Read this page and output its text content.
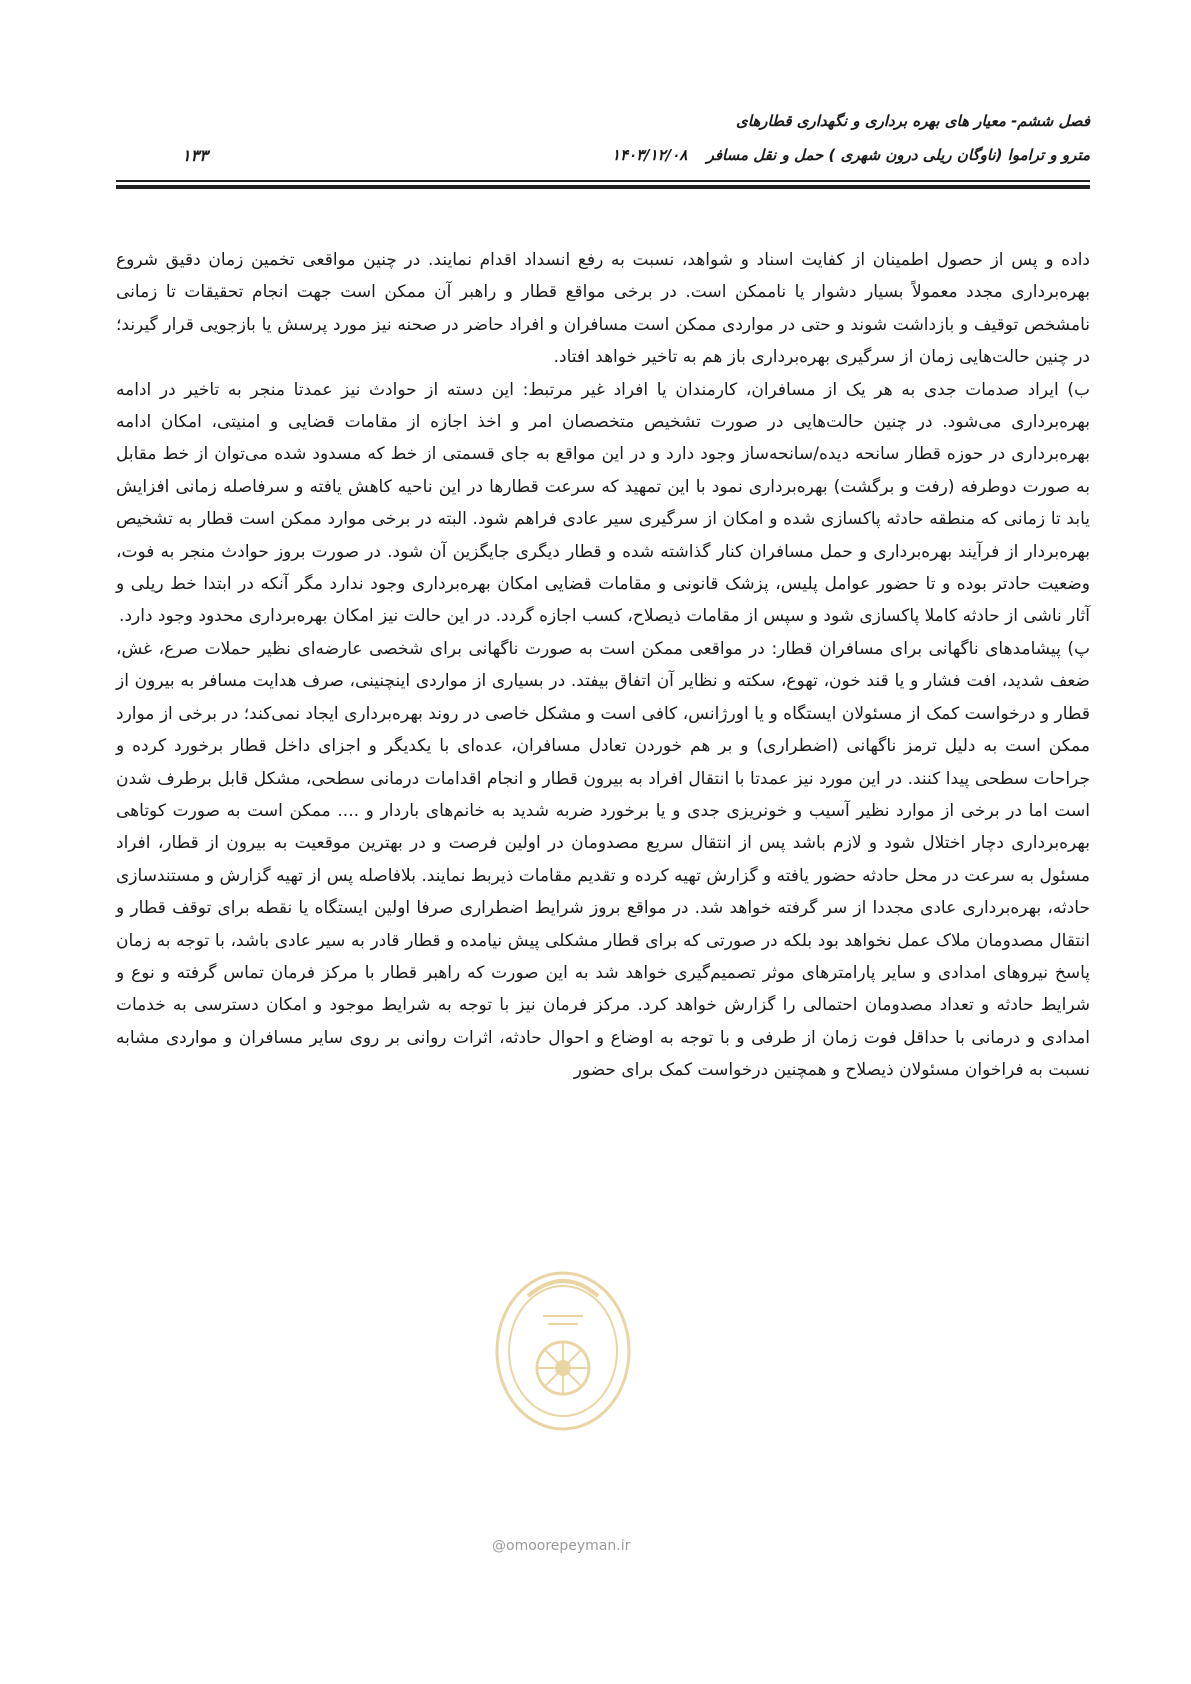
فصل ششم- معیار های بهره برداری و نگهداری قطارهای
مترو و تراموا (ناوگان ریلی درون شهری ) حمل و نقل مسافر ۱۴۰۳/۱۲/۰۸
۱۳۳

داده و پس از حصول اطمینان از کفایت اسناد و شواهد، نسبت به رفع انسداد اقدام نمایند. در چنین مواقعی تخمین زمان دقیق شروع بهره‌برداری مجدد معمولاً بسیار دشوار یا ناممکن است. در برخی مواقع قطار و راهبر آن ممکن است جهت انجام تحقیقات تا زمانی نامشخص توقیف و بازداشت شوند و حتی در مواردی ممکن است مسافران و افراد حاضر در صحنه نیز مورد پرسش یا بازجویی قرار گیرند؛ در چنین حالت‌هایی زمان از سرگیری بهره‌برداری باز هم به تاخیر خواهد افتاد.

ب) ایراد صدمات جدی به هر یک از مسافران، کارمندان یا افراد غیر مرتبط: این دسته از حوادث نیز عمدتا منجر به تاخیر در ادامه بهره‌برداری می‌شود. در چنین حالت‌هایی در صورت تشخیص متخصصان امر و اخذ اجازه از مقامات قضایی و امنیتی، امکان ادامه بهره‌برداری در حوزه قطار سانحه دیده/سانحه‌ساز وجود دارد و در این مواقع به جای قسمتی از خط که مسدود شده می‌توان از خط مقابل به صورت دوطرفه (رفت و برگشت) بهره‌برداری نمود با این تمهید که سرعت قطارها در این ناحیه کاهش یافته و سرفاصله زمانی افزایش یابد تا زمانی که منطقه حادثه پاکسازی شده و امکان از سرگیری سیر عادی فراهم شود. البته در برخی موارد ممکن است قطار به تشخیص بهره‌بردار از فرآیند بهره‌برداری و حمل مسافران کنار گذاشته شده و قطار دیگری جایگزین آن شود. در صورت بروز حوادث منجر به فوت، وضعیت حادتر بوده و تا حضور عوامل پلیس، پزشک قانونی و مقامات قضایی امکان بهره‌برداری وجود ندارد مگر آنکه در ابتدا خط ریلی و آثار ناشی از حادثه کاملا پاکسازی شود و سپس از مقامات ذیصلاح، کسب اجازه گردد. در این حالت نیز امکان بهره‌برداری محدود وجود دارد.

پ) پیشامدهای ناگهانی برای مسافران قطار: در مواقعی ممکن است به صورت ناگهانی برای شخصی عارضه‌ای نظیر حملات صرع، غش، ضعف شدید، افت فشار و یا قند خون، تهوع، سکته و نظایر آن اتفاق بیفتد. در بسیاری از مواردی اینچنینی، صرف هدایت مسافر به بیرون از قطار و درخواست کمک از مسئولان ایستگاه و یا اورژانس، کافی است و مشکل خاصی در روند بهره‌برداری ایجاد نمی‌کند؛ در برخی از موارد ممکن است به دلیل ترمز ناگهانی (اضطراری) و بر هم خوردن تعادل مسافران، عده‌ای با یکدیگر و اجزای داخل قطار برخورد کرده و جراحات سطحی پیدا کنند. در این مورد نیز عمدتا با انتقال افراد به بیرون قطار و انجام اقدامات درمانی سطحی، مشکل قابل برطرف شدن است اما در برخی از موارد نظیر آسیب و خونریزی جدی و یا برخورد ضربه شدید به خانم‌های باردار و .... ممکن است به صورت کوتاهی بهره‌برداری دچار اختلال شود و لازم باشد پس از انتقال سریع مصدومان در اولین فرصت و در بهترین موقعیت به بیرون از قطار، افراد مسئول به سرعت در محل حادثه حضور یافته و گزارش تهیه کرده و تقدیم مقامات ذیربط نمایند. بلافاصله پس از تهیه گزارش و مستندسازی حادثه، بهره‌برداری عادی مجددا از سر گرفته خواهد شد. در مواقع بروز شرایط اضطراری صرفا اولین ایستگاه یا نقطه برای توقف قطار و انتقال مصدومان ملاک عمل نخواهد بود بلکه در صورتی که برای قطار مشکلی پیش نیامده و قطار قادر به سیر عادی باشد، با توجه به زمان پاسخ نیروهای امدادی و سایر پارامترهای موثر تصمیم‌گیری خواهد شد به این صورت که راهبر قطار با مرکز فرمان تماس گرفته و نوع و شرایط حادثه و تعداد مصدومان احتمالی را گزارش خواهد کرد. مرکز فرمان نیز با توجه به شرایط موجود و امکان دسترسی به خدمات امدادی و درمانی با حداقل فوت زمان از طرفی و با توجه به اوضاع و احوال حادثه، اثرات روانی بر روی سایر مسافران و مواردی مشابه نسبت به فراخوان مسئولان ذیصلاح و همچنین درخواست کمک برای حضور

@omoorepeyman.ir
